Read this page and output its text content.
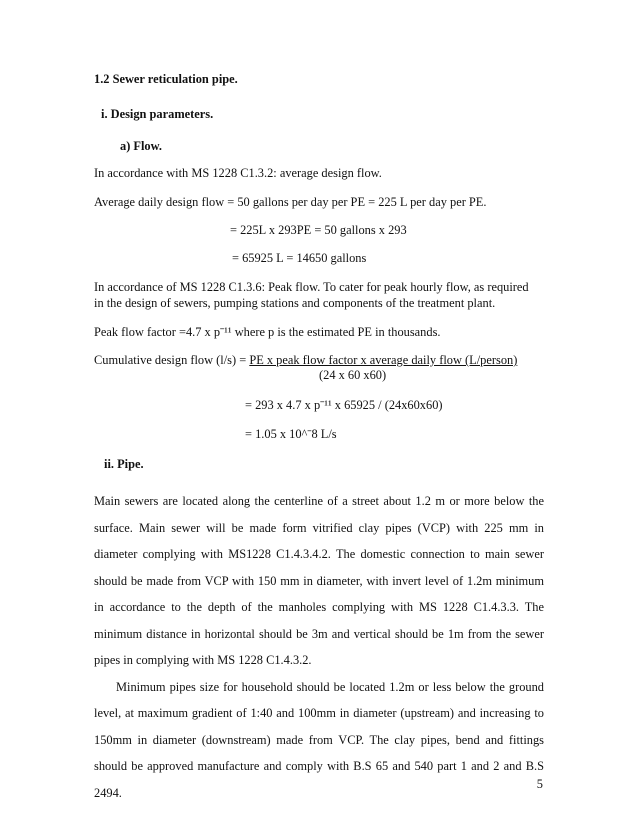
1.2 Sewer reticulation pipe.
i. Design parameters.
a) Flow.
In accordance with MS 1228 C1.3.2: average design flow.
Average daily design flow = 50 gallons per day per PE = 225 L per day per PE.
= 225L x 293PE = 50 gallons x 293
= 65925 L = 14650 gallons
In accordance of MS 1228 C1.3.6: Peak flow. To cater for peak hourly flow, as required
in the design of sewers, pumping stations and components of the treatment plant.
Peak flow factor =4.7 x pˉ¹¹ where p is the estimated PE in thousands.
Cumulative design flow (l/s) = PE x peak flow factor x average daily flow (L/person)
(24 x 60 x60)
= 293 x 4.7 x pˉ¹¹ x 65925 / (24x60x60)
= 1.05 x 10^ˉ8 L/s
ii. Pipe.

Main sewers are located along the centerline of a street about 1.2 m or more below the surface. Main sewer will be made form vitrified clay pipes (VCP) with 225 mm in diameter complying with MS1228 C1.4.3.4.2. The domestic connection to main sewer should be made from VCP with 150 mm in diameter, with invert level of 1.2m minimum in accordance to the depth of the manholes complying with MS 1228 C1.4.3.3. The minimum distance in horizontal should be 3m and vertical should be 1m from the sewer pipes in complying with MS 1228 C1.4.3.2.

Minimum pipes size for household should be located 1.2m or less below the ground level, at maximum gradient of 1:40 and 100mm in diameter (upstream) and increasing to 150mm in diameter (downstream) made from VCP. The clay pipes, bend and fittings should be approved manufacture and comply with B.S 65 and 540 part 1 and 2 and B.S 2494.

5
